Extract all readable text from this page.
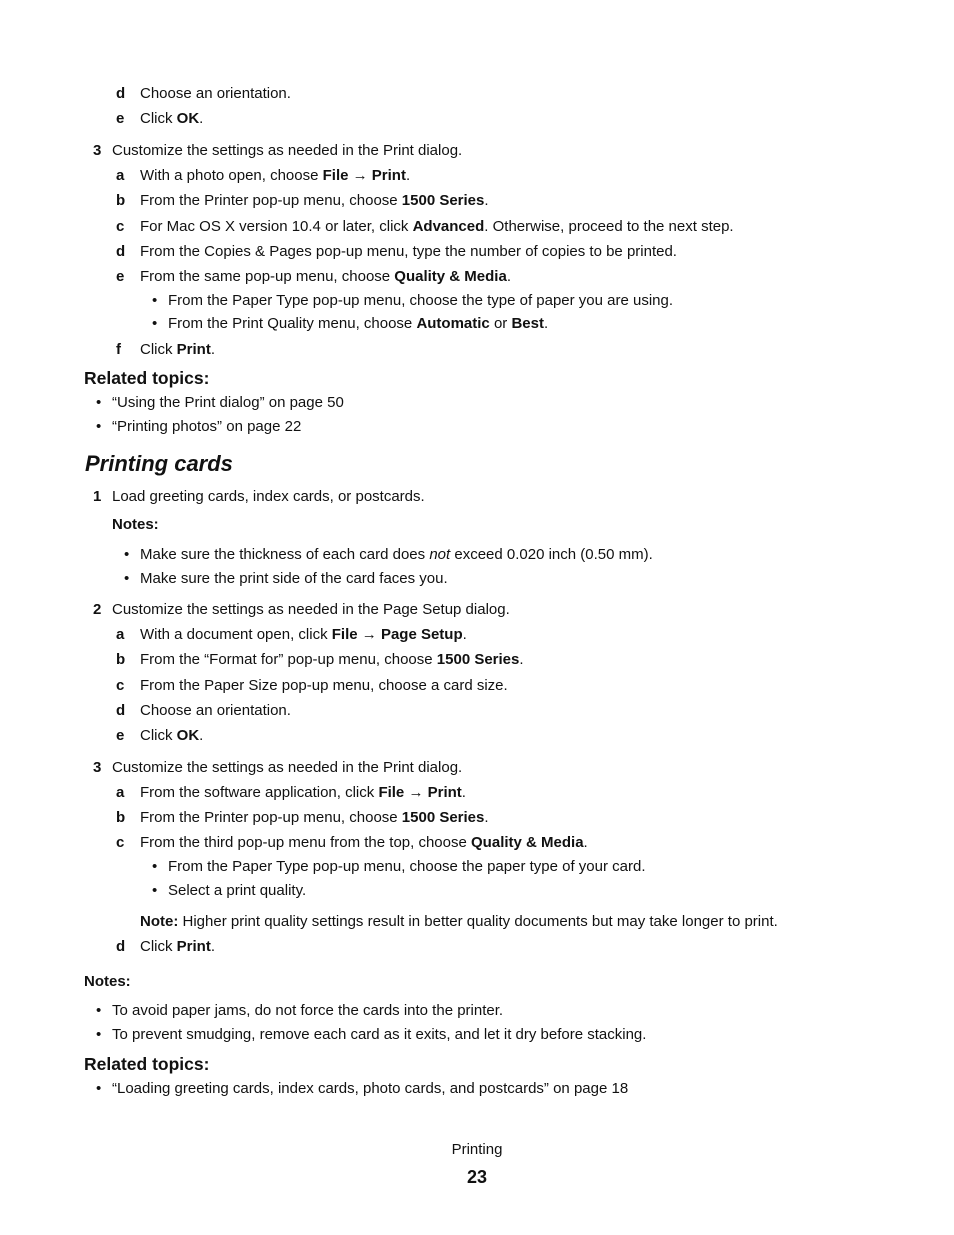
d Choose an orientation.
e Click OK.
3 Customize the settings as needed in the Print dialog.
a With a photo open, choose File → Print.
b From the Printer pop-up menu, choose 1500 Series.
c For Mac OS X version 10.4 or later, click Advanced. Otherwise, proceed to the next step.
d From the Copies & Pages pop-up menu, type the number of copies to be printed.
e From the same pop-up menu, choose Quality & Media.
• From the Paper Type pop-up menu, choose the type of paper you are using.
• From the Print Quality menu, choose Automatic or Best.
f Click Print.
Related topics:
• “Using the Print dialog” on page 50
• “Printing photos” on page 22
Printing cards
1 Load greeting cards, index cards, or postcards.
Notes:
• Make sure the thickness of each card does not exceed 0.020 inch (0.50 mm).
• Make sure the print side of the card faces you.
2 Customize the settings as needed in the Page Setup dialog.
a With a document open, click File → Page Setup.
b From the “Format for” pop-up menu, choose 1500 Series.
c From the Paper Size pop-up menu, choose a card size.
d Choose an orientation.
e Click OK.
3 Customize the settings as needed in the Print dialog.
a From the software application, click File → Print.
b From the Printer pop-up menu, choose 1500 Series.
c From the third pop-up menu from the top, choose Quality & Media.
• From the Paper Type pop-up menu, choose the paper type of your card.
• Select a print quality.
Note: Higher print quality settings result in better quality documents but may take longer to print.
d Click Print.
Notes:
• To avoid paper jams, do not force the cards into the printer.
• To prevent smudging, remove each card as it exits, and let it dry before stacking.
Related topics:
• “Loading greeting cards, index cards, photo cards, and postcards” on page 18
Printing
23
